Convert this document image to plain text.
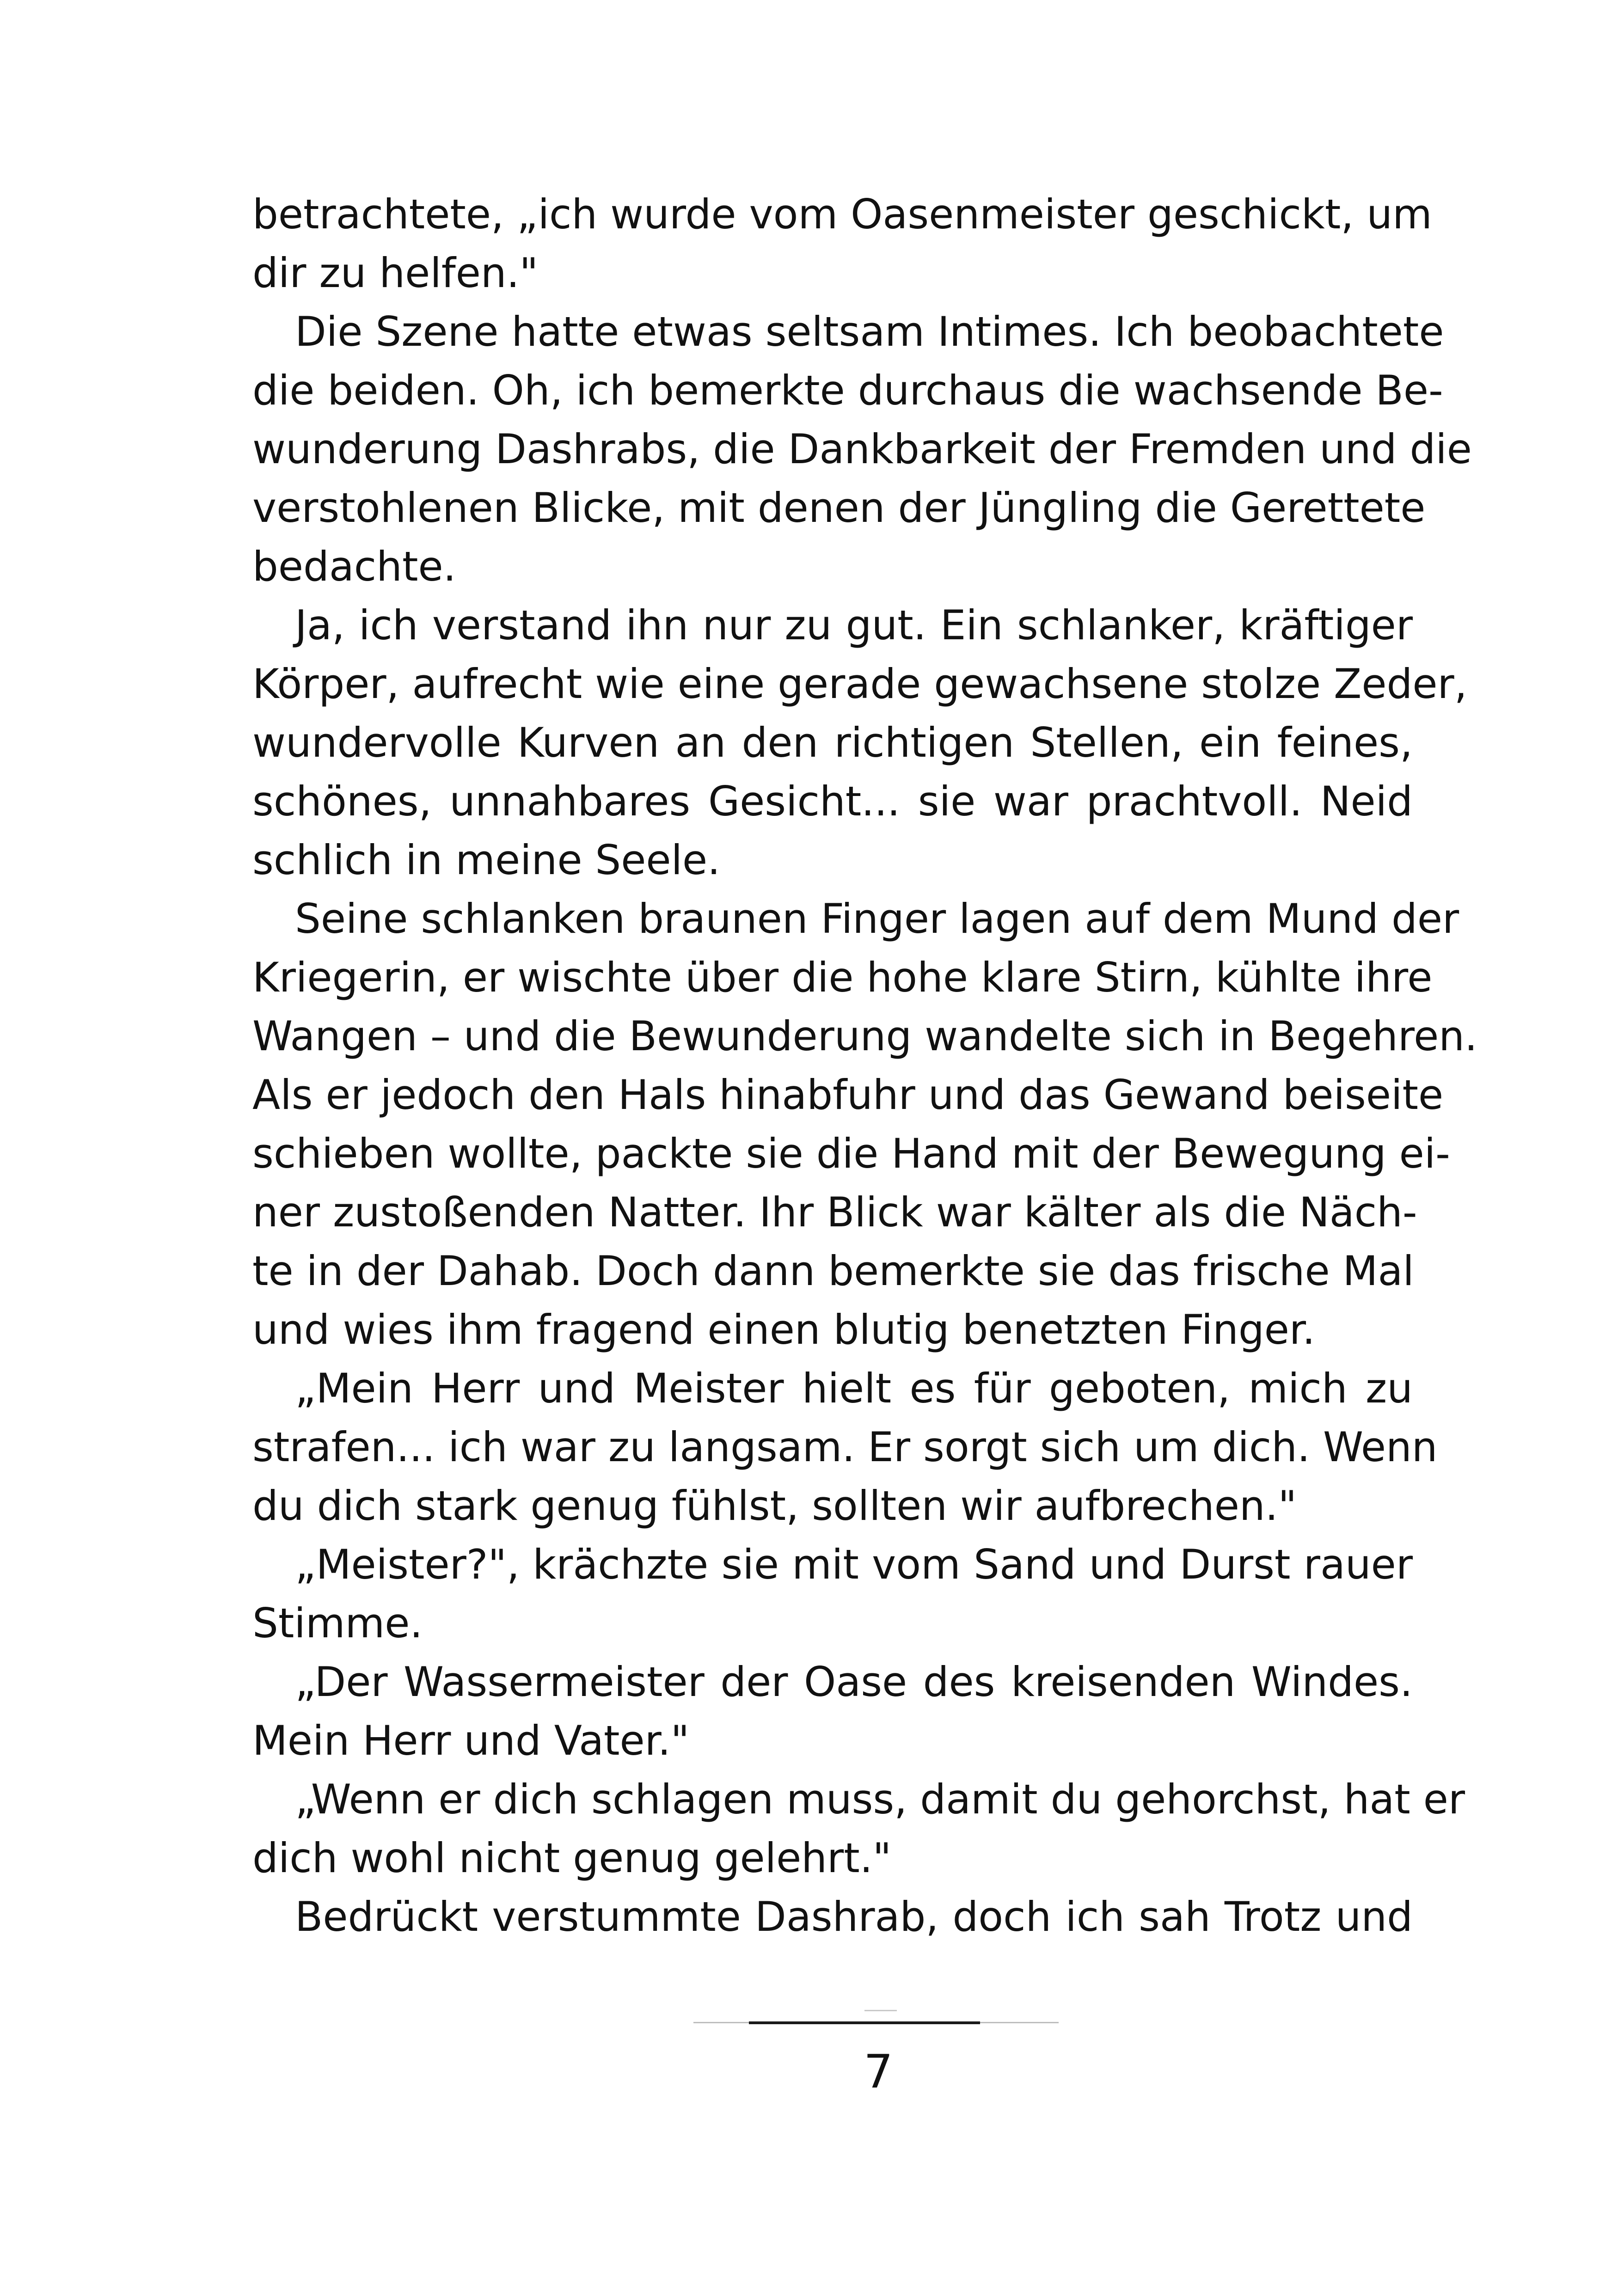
betrachtete, „ich wurde vom Oasenmeister geschickt, um
dir zu helfen."
Die Szene hatte etwas seltsam Intimes. Ich beobachtete
die beiden. Oh, ich bemerkte durchaus die wachsende Be-
wunderung Dashrabs, die Dankbarkeit der Fremden und die
verstohlenen Blicke, mit denen der Jüngling die Gerettete
bedachte.
Ja, ich verstand ihn nur zu gut. Ein schlanker, kräftiger
Körper, aufrecht wie eine gerade gewachsene stolze Zeder,
wundervolle Kurven an den richtigen Stellen, ein feines,
schönes, unnahbares Gesicht... sie war prachtvoll. Neid
schlich in meine Seele.
Seine schlanken braunen Finger lagen auf dem Mund der
Kriegerin, er wischte über die hohe klare Stirn, kühlte ihre
Wangen – und die Bewunderung wandelte sich in Begehren.
Als er jedoch den Hals hinabfuhr und das Gewand beiseite
schieben wollte, packte sie die Hand mit der Bewegung ei-
ner zustoßenden Natter. Ihr Blick war kälter als die Näch-
te in der Dahab. Doch dann bemerkte sie das frische Mal
und wies ihm fragend einen blutig benetzten Finger.
„Mein Herr und Meister hielt es für geboten, mich zu
strafen... ich war zu langsam. Er sorgt sich um dich. Wenn
du dich stark genug fühlst, sollten wir aufbrechen."
„Meister?", krächzte sie mit vom Sand und Durst rauer
Stimme.
„Der Wassermeister der Oase des kreisenden Windes.
Mein Herr und Vater."
„Wenn er dich schlagen muss, damit du gehorchst, hat er
dich wohl nicht genug gelehrt."
Bedrückt verstummte Dashrab, doch ich sah Trotz und
7
